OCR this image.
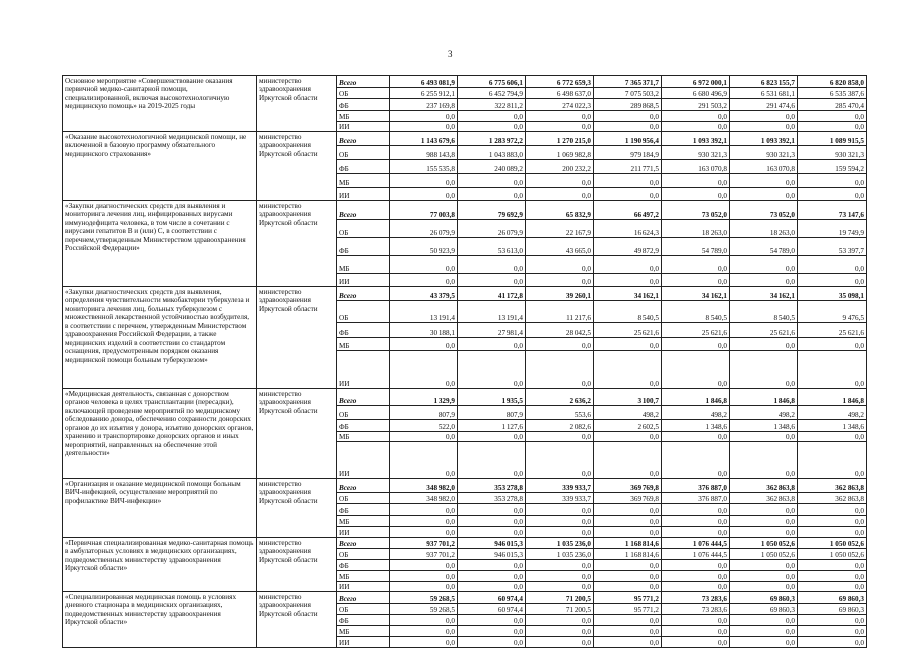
3
Основное мероприятие «Совершенствование оказания первичной медико-санитарной помощи, специализированной, включая высокотехнологичную медицинскую помощь» на 2019-2025 годы	министерство здравоохранения Иркутской области	Всего	6 493 081,9	6 775 606,1	6 772 659,3	7 365 371,7	6 972 000,1	6 823 155,7	6 820 858,0
		ОБ	6 255 912,1	6 452 794,9	6 498 637,0	7 075 503,2	6 680 496,9	6 531 681,1	6 535 387,6
		ФБ	237 169,8	322 811,2	274 022,3	289 868,5	291 503,2	291 474,6	285 470,4
		МБ	0,0	0,0	0,0	0,0	0,0	0,0	0,0
		ИИ	0,0	0,0	0,0	0,0	0,0	0,0	0,0
«Оказание высокотехнологичной медицинской помощи, не включенной в базовую программу обязательного медицинского страхования»	министерство здравоохранения Иркутской области	Всего	1 143 679,6	1 283 972,2	1 270 215,0	1 190 956,4	1 093 392,1	1 093 392,1	1 089 915,5
		ОБ	988 143,8	1 043 883,0	1 069 982,8	979 184,9	930 321,3	930 321,3	930 321,3
		ФБ	155 535,8	240 089,2	200 232,2	211 771,5	163 070,8	163 070,8	159 594,2
		МБ	0,0	0,0	0,0	0,0	0,0	0,0	0,0
		ИИ	0,0	0,0	0,0	0,0	0,0	0,0	0,0
«Закупки диагностических средств для выявления и мониторинга лечения лиц, инфицированных вирусами иммунодефицита человека, в том числе в сочетании с вирусами гепатитов В и (или) С, в соответствии с перечнем,утвержденным Министерством здравоохранения Российской Федерации»	министерство здравоохранения Иркутской области	Всего	77 003,8	79 692,9	65 832,9	66 497,2	73 052,0	73 052,0	73 147,6
		ОБ	26 079,9	26 079,9	22 167,9	16 624,3	18 263,0	18 263,0	19 749,9
		ФБ	50 923,9	53 613,0	43 665,0	49 872,9	54 789,0	54 789,0	53 397,7
		МБ	0,0	0,0	0,0	0,0	0,0	0,0	0,0
		ИИ	0,0	0,0	0,0	0,0	0,0	0,0	0,0
«Закупки диагностических средств для выявления, определения чувствительности микобактерии туберкулеза и мониторинга лечения лиц, больных туберкулезом с множественной лекарственной устойчивостью возбудителя, в соответствии с перечнем, утвержденным Министерством здравоохранения Российской Федерации, а также медицинских изделий в соответствии со стандартом оснащения, предусмотренным порядком оказания медицинской помощи больным туберкулезом»	министерство здравоохранения Иркутской области	Всего	43 379,5	41 172,8	39 260,1	34 162,1	34 162,1	34 162,1	35 098,1
		ОБ	13 191,4	13 191,4	11 217,6	8 540,5	8 540,5	8 540,5	9 476,5
		ФБ	30 188,1	27 981,4	28 042,5	25 621,6	25 621,6	25 621,6	25 621,6
		МБ	0,0	0,0	0,0	0,0	0,0	0,0	0,0
		ИИ	0,0	0,0	0,0	0,0	0,0	0,0	0,0
«Медицинская деятельность, связанная с донорством органов человека в целях трансплантации (пересадки), включающей проведение мероприятий по медицинскому обследованию донора, обеспечению сохранности донорских органов до их изъятия у донора, изъятию донорских органов, хранению и транспортировке донорских органов и иных мероприятий, направленных на обеспечение этой деятельности»	министерство здравоохранения Иркутской области	Всего	1 329,9	1 935,5	2 636,2	3 100,7	1 846,8	1 846,8	1 846,8
		ОБ	807,9	807,9	553,6	498,2	498,2	498,2	498,2
		ФБ	522,0	1 127,6	2 082,6	2 602,5	1 348,6	1 348,6	1 348,6
		МБ	0,0	0,0	0,0	0,0	0,0	0,0	0,0
		ИИ	0,0	0,0	0,0	0,0	0,0	0,0	0,0
«Организация и оказание медицинской помощи больным ВИЧ-инфекцией, осуществление мероприятий по профилактике ВИЧ-инфекции»	министерство здравоохранения Иркутской области	Всего	348 982,0	353 278,8	339 933,7	369 769,8	376 887,0	362 863,8	362 863,8
		ОБ	348 982,0	353 278,8	339 933,7	369 769,8	376 887,0	362 863,8	362 863,8
		ФБ	0,0	0,0	0,0	0,0	0,0	0,0	0,0
		МБ	0,0	0,0	0,0	0,0	0,0	0,0	0,0
		ИИ	0,0	0,0	0,0	0,0	0,0	0,0	0,0
«Первичная специализированная медико-санитарная помощь в амбулаторных условиях в медицинских организациях, подведомственных министерству здравоохранения Иркутской области»	министерство здравоохранения Иркутской области	Всего	937 701,2	946 015,3	1 035 236,0	1 168 814,6	1 076 444,5	1 050 052,6	1 050 052,6
		ОБ	937 701,2	946 015,3	1 035 236,0	1 168 814,6	1 076 444,5	1 050 052,6	1 050 052,6
		ФБ	0,0	0,0	0,0	0,0	0,0	0,0	0,0
		МБ	0,0	0,0	0,0	0,0	0,0	0,0	0,0
		ИИ	0,0	0,0	0,0	0,0	0,0	0,0	0,0
«Специализированная медицинская помощь в условиях дневного стационара в медицинских организациях, подведомственных министерству здравоохранения Иркутской области»	министерство здравоохранения Иркутской области	Всего	59 268,5	60 974,4	71 200,5	95 771,2	73 283,6	69 860,3	69 860,3
		ОБ	59 268,5	60 974,4	71 200,5	95 771,2	73 283,6	69 860,3	69 860,3
		ФБ	0,0	0,0	0,0	0,0	0,0	0,0	0,0
		МБ	0,0	0,0	0,0	0,0	0,0	0,0	0,0
		ИИ	0,0	0,0	0,0	0,0	0,0	0,0	0,0
